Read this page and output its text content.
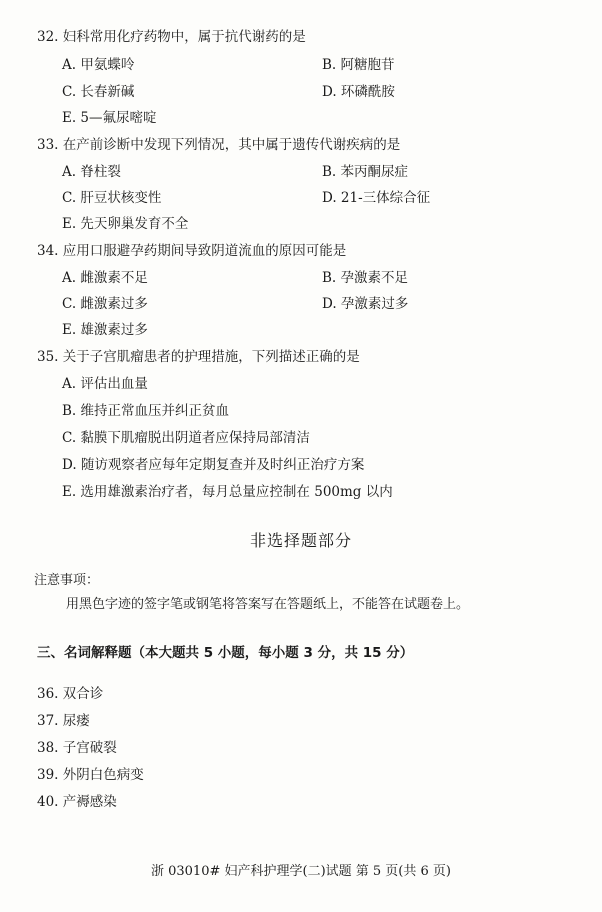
32. 妇科常用化疗药物中，属于抗代谢药的是
A. 甲氨蝶呤	B. 阿糖胞苷
C. 长春新碱	D. 环磷酰胺
E. 5—氟尿嘧啶
33. 在产前诊断中发现下列情况，其中属于遗传代谢疾病的是
A. 脊柱裂	B. 苯丙酮尿症
C. 肝豆状核变性	D. 21-三体综合征
E. 先天卵巢发育不全
34. 应用口服避孕药期间导致阴道流血的原因可能是
A. 雌激素不足	B. 孕激素不足
C. 雌激素过多	D. 孕激素过多
E. 雄激素过多
35. 关于子宫肌瘤患者的护理措施，下列描述正确的是
A. 评估出血量
B. 维持正常血压并纠正贫血
C. 黏膜下肌瘤脱出阴道者应保持局部清洁
D. 随访观察者应每年定期复查并及时纠正治疗方案
E. 选用雄激素治疗者，每月总量应控制在 500mg 以内
非选择题部分
注意事项：
用黑色字迹的签字笔或钢笔将答案写在答题纸上，不能答在试题卷上。
三、名词解释题（本大题共 5 小题，每小题 3 分，共 15 分）
36. 双合诊
37. 尿瘘
38. 子宫破裂
39. 外阴白色病变
40. 产褥感染
浙 03010# 妇产科护理学(二)试题 第 5 页(共 6 页)
